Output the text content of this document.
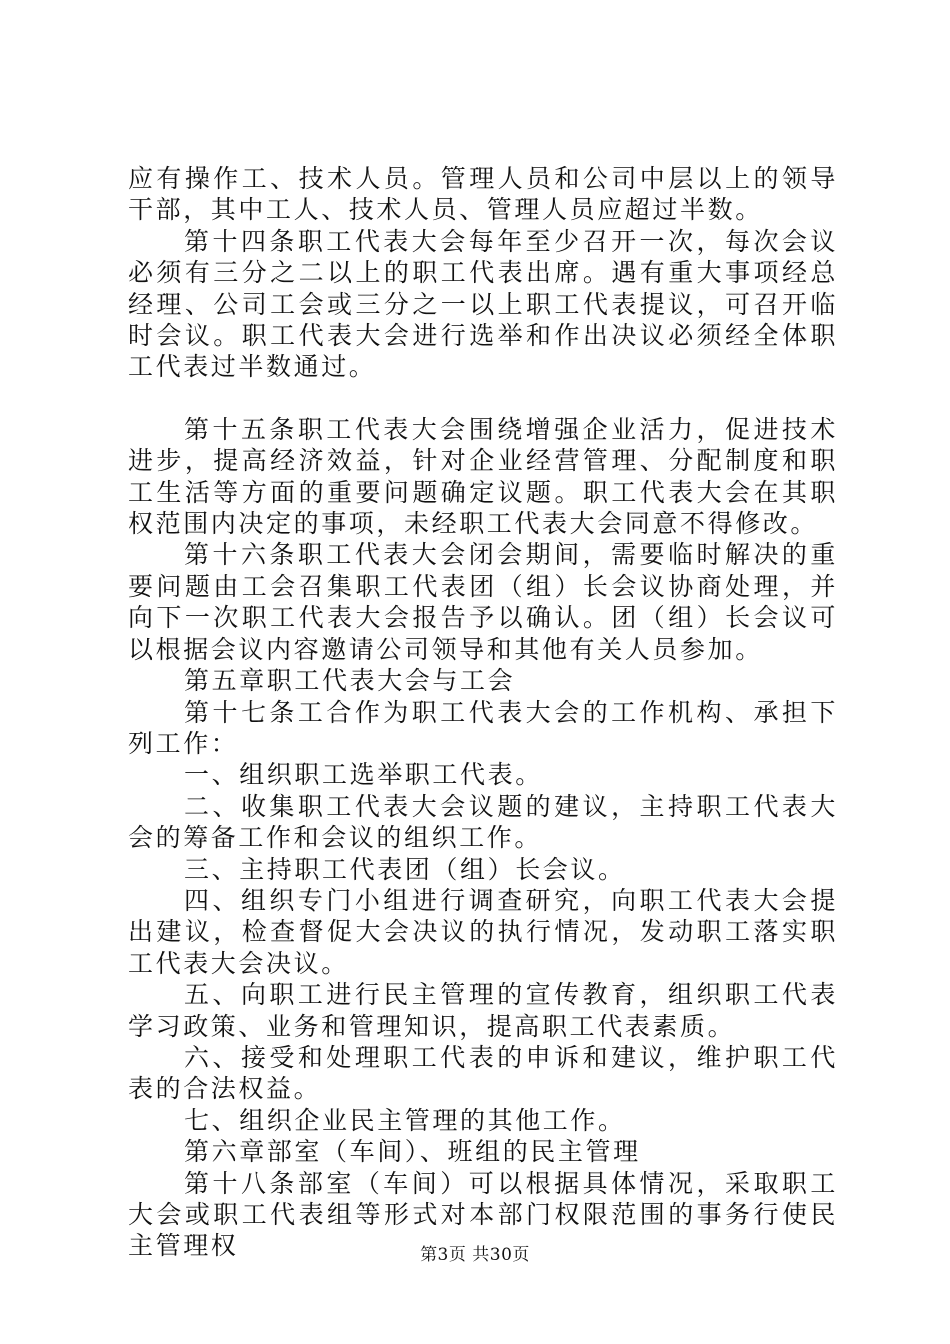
应有操作工、技术人员。管理人员和公司中层以上的领导干部，其中工人、技术人员、管理人员应超过半数。

第十四条职工代表大会每年至少召开一次，每次会议必须有三分之二以上的职工代表出席。遇有重大事项经总经理、公司工会或三分之一以上职工代表提议，可召开临时会议。职工代表大会进行选举和作出决议必须经全体职工代表过半数通过。

第十五条职工代表大会围绕增强企业活力，促进技术进步，提高经济效益，针对企业经营管理、分配制度和职工生活等方面的重要问题确定议题。职工代表大会在其职权范围内决定的事项，未经职工代表大会同意不得修改。

第十六条职工代表大会闭会期间，需要临时解决的重要问题由工会召集职工代表团（组）长会议协商处理，并向下一次职工代表大会报告予以确认。团（组）长会议可以根据会议内容邀请公司领导和其他有关人员参加。

第五章职工代表大会与工会

第十七条工合作为职工代表大会的工作机构、承担下列工作：

一、组织职工选举职工代表。

二、收集职工代表大会议题的建议，主持职工代表大会的筹备工作和会议的组织工作。

三、主持职工代表团（组）长会议。

四、组织专门小组进行调查研究，向职工代表大会提出建议，检查督促大会决议的执行情况，发动职工落实职工代表大会决议。

五、向职工进行民主管理的宣传教育，组织职工代表学习政策、业务和管理知识，提高职工代表素质。

六、接受和处理职工代表的申诉和建议，维护职工代表的合法权益。

七、组织企业民主管理的其他工作。

第六章部室（车间）、班组的民主管理

第十八条部室（车间）可以根据具体情况，采取职工大会或职工代表组等形式对本部门权限范围的事务行使民主管理权	第3页 共30页
